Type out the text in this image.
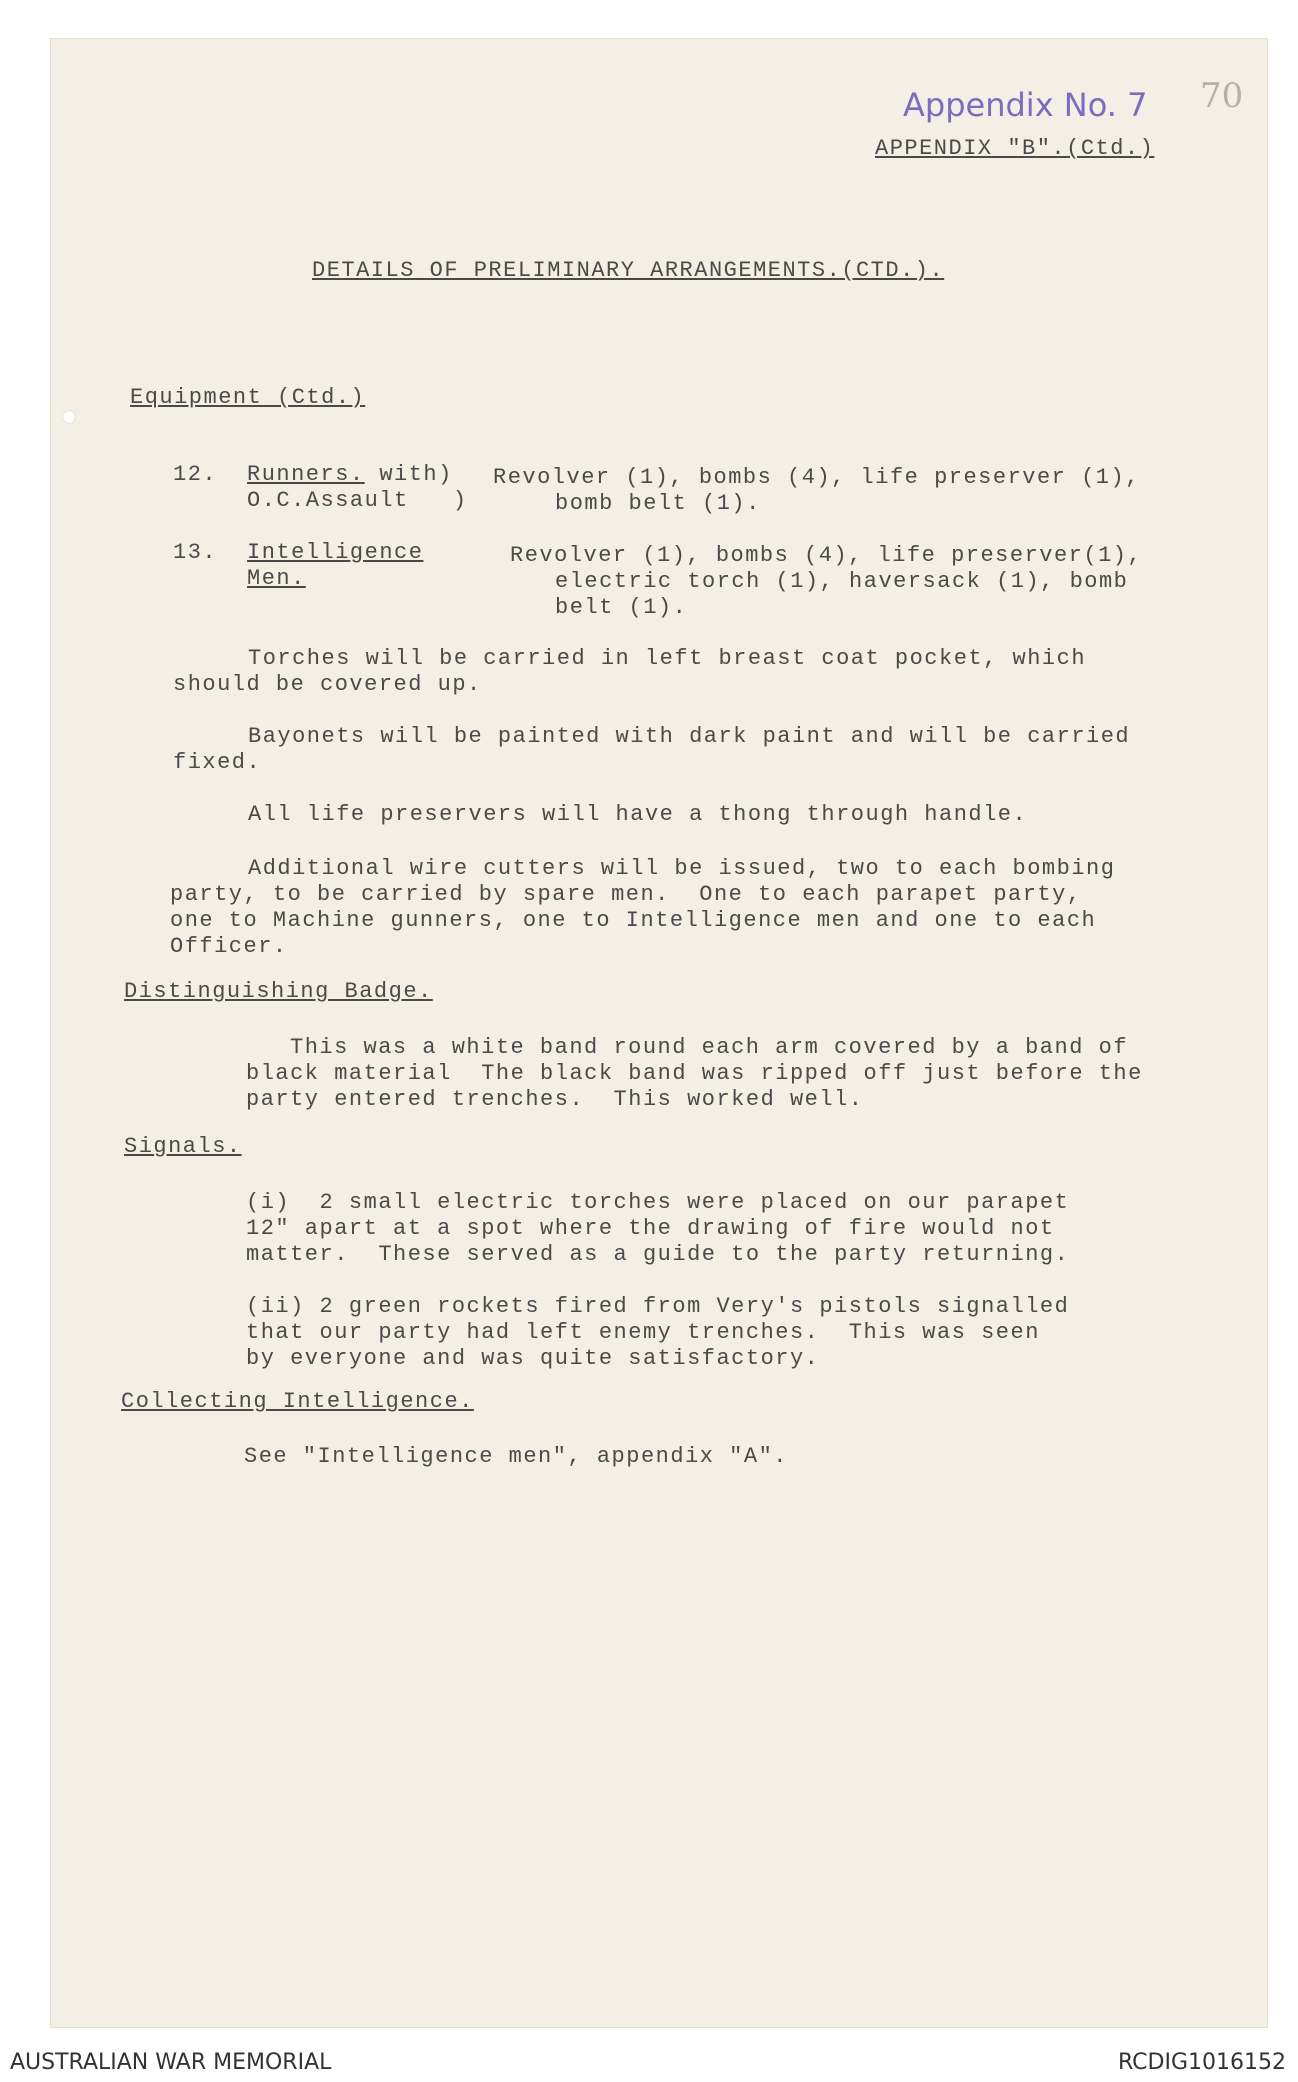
Appendix No. 7 70
APPENDIX "B".(Ctd.)
DETAILS OF PRELIMINARY ARRANGEMENTS.(CTD.).
Equipment (Ctd.)
12. Runners. with)
O.C.Assault   )
Revolver (1), bombs (4), life preserver (1),
bomb belt (1).
13. Intelligence
Men.
Revolver (1), bombs (4), life preserver(1),
electric torch (1), haversack (1), bomb
belt (1).
Torches will be carried in left breast coat pocket, which
should be covered up.
Bayonets will be painted with dark paint and will be carried
fixed.
All life preservers will have a thong through handle.
Additional wire cutters will be issued, two to each bombing
party, to be carried by spare men.  One to each parapet party,
one to Machine gunners, one to Intelligence men and one to each
Officer.
Distinguishing Badge.
This was a white band round each arm covered by a band of
black material  The black band was ripped off just before the
party entered trenches.  This worked well.
Signals.
(i)  2 small electric torches were placed on our parapet
12" apart at a spot where the drawing of fire would not
matter.  These served as a guide to the party returning.
(ii) 2 green rockets fired from Very's pistols signalled
that our party had left enemy trenches.  This was seen
by everyone and was quite satisfactory.
Collecting Intelligence.
See "Intelligence men", appendix "A".
AUSTRALIAN WAR MEMORIAL	RCDIG1016152
